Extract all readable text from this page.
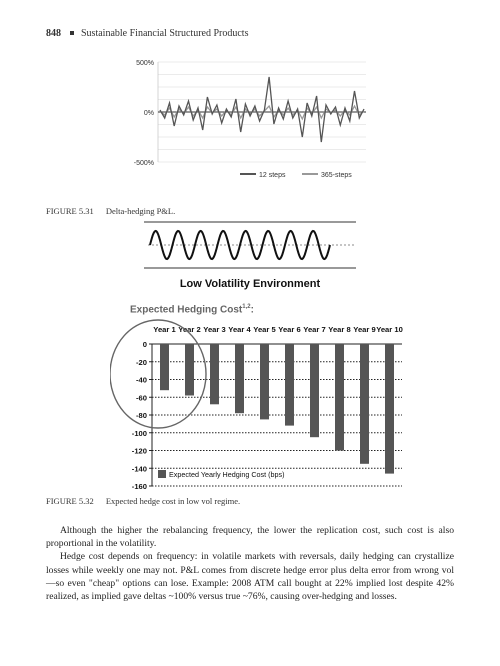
848 Sustainable Financial Structured Products
500%
0%
-500%
12 steps	365-steps
FIGURE 5.31 Delta-hedging P&L.
Low Volatility Environment
Expected Hedging Cost$^{1,2}$:
Year 1 Year 2 Year 3 Year 4 Year 5 Year 6 Year 7 Year 8 Year 9 Year 10
0
-20
-40
-60
-80
-100
-120
-140
-160
Expected Yearly Hedging Cost (bps)
FIGURE 5.32 Expected hedge cost in low vol regime.

Although the higher the rebalancing frequency, the lower the replication cost, such cost is also proportional in the volatility.

Hedge cost depends on frequency: in volatile markets with reversals, daily hedging can crystallize losses while weekly one may not. P&L comes from discrete hedge error plus delta error from wrong vol—so even "cheap" options can lose. Example: 2008 ATM call bought at 22% implied lost despite 42% realized, as implied gave deltas ~100% versus true ~76%, causing over-hedging and losses.
